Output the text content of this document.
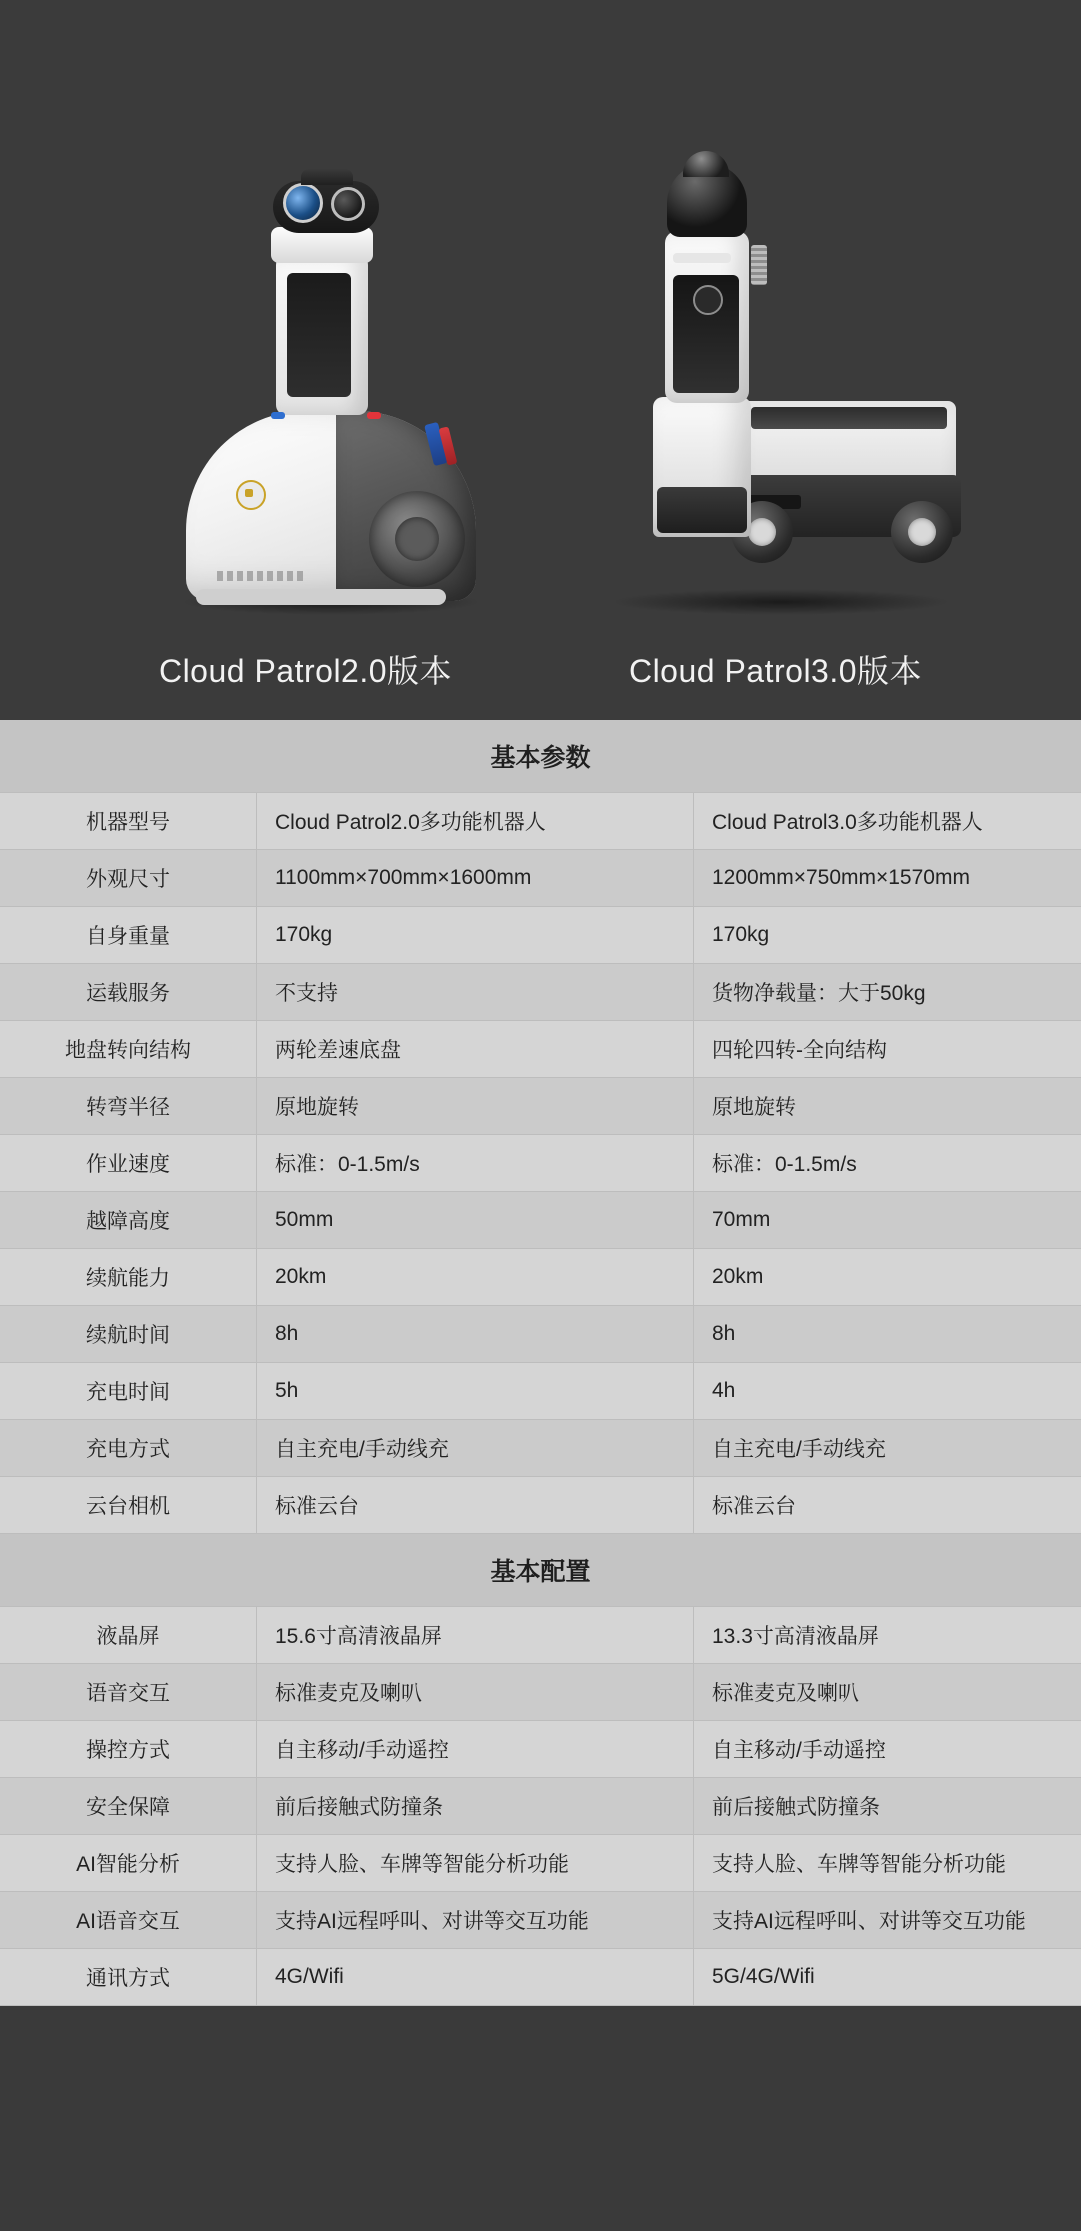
Cloud Patrol2.0版本	Cloud Patrol3.0版本
基本参数
机器型号	Cloud Patrol2.0多功能机器人	Cloud Patrol3.0多功能机器人
外观尺寸	1100mm×700mm×1600mm	1200mm×750mm×1570mm
自身重量	170kg	170kg
运载服务	不支持	货物净载量：大于50kg
地盘转向结构	两轮差速底盘	四轮四转-全向结构
转弯半径	原地旋转	原地旋转
作业速度	标准：0-1.5m/s	标准：0-1.5m/s
越障高度	50mm	70mm
续航能力	20km	20km
续航时间	8h	8h
充电时间	5h	4h
充电方式	自主充电/手动线充	自主充电/手动线充
云台相机	标准云台	标准云台
基本配置
液晶屏	15.6寸高清液晶屏	13.3寸高清液晶屏
语音交互	标准麦克及喇叭	标准麦克及喇叭
操控方式	自主移动/手动遥控	自主移动/手动遥控
安全保障	前后接触式防撞条	前后接触式防撞条
AI智能分析	支持人脸、车牌等智能分析功能	支持人脸、车牌等智能分析功能
AI语音交互	支持AI远程呼叫、对讲等交互功能	支持AI远程呼叫、对讲等交互功能
通讯方式	4G/Wifi	5G/4G/Wifi
